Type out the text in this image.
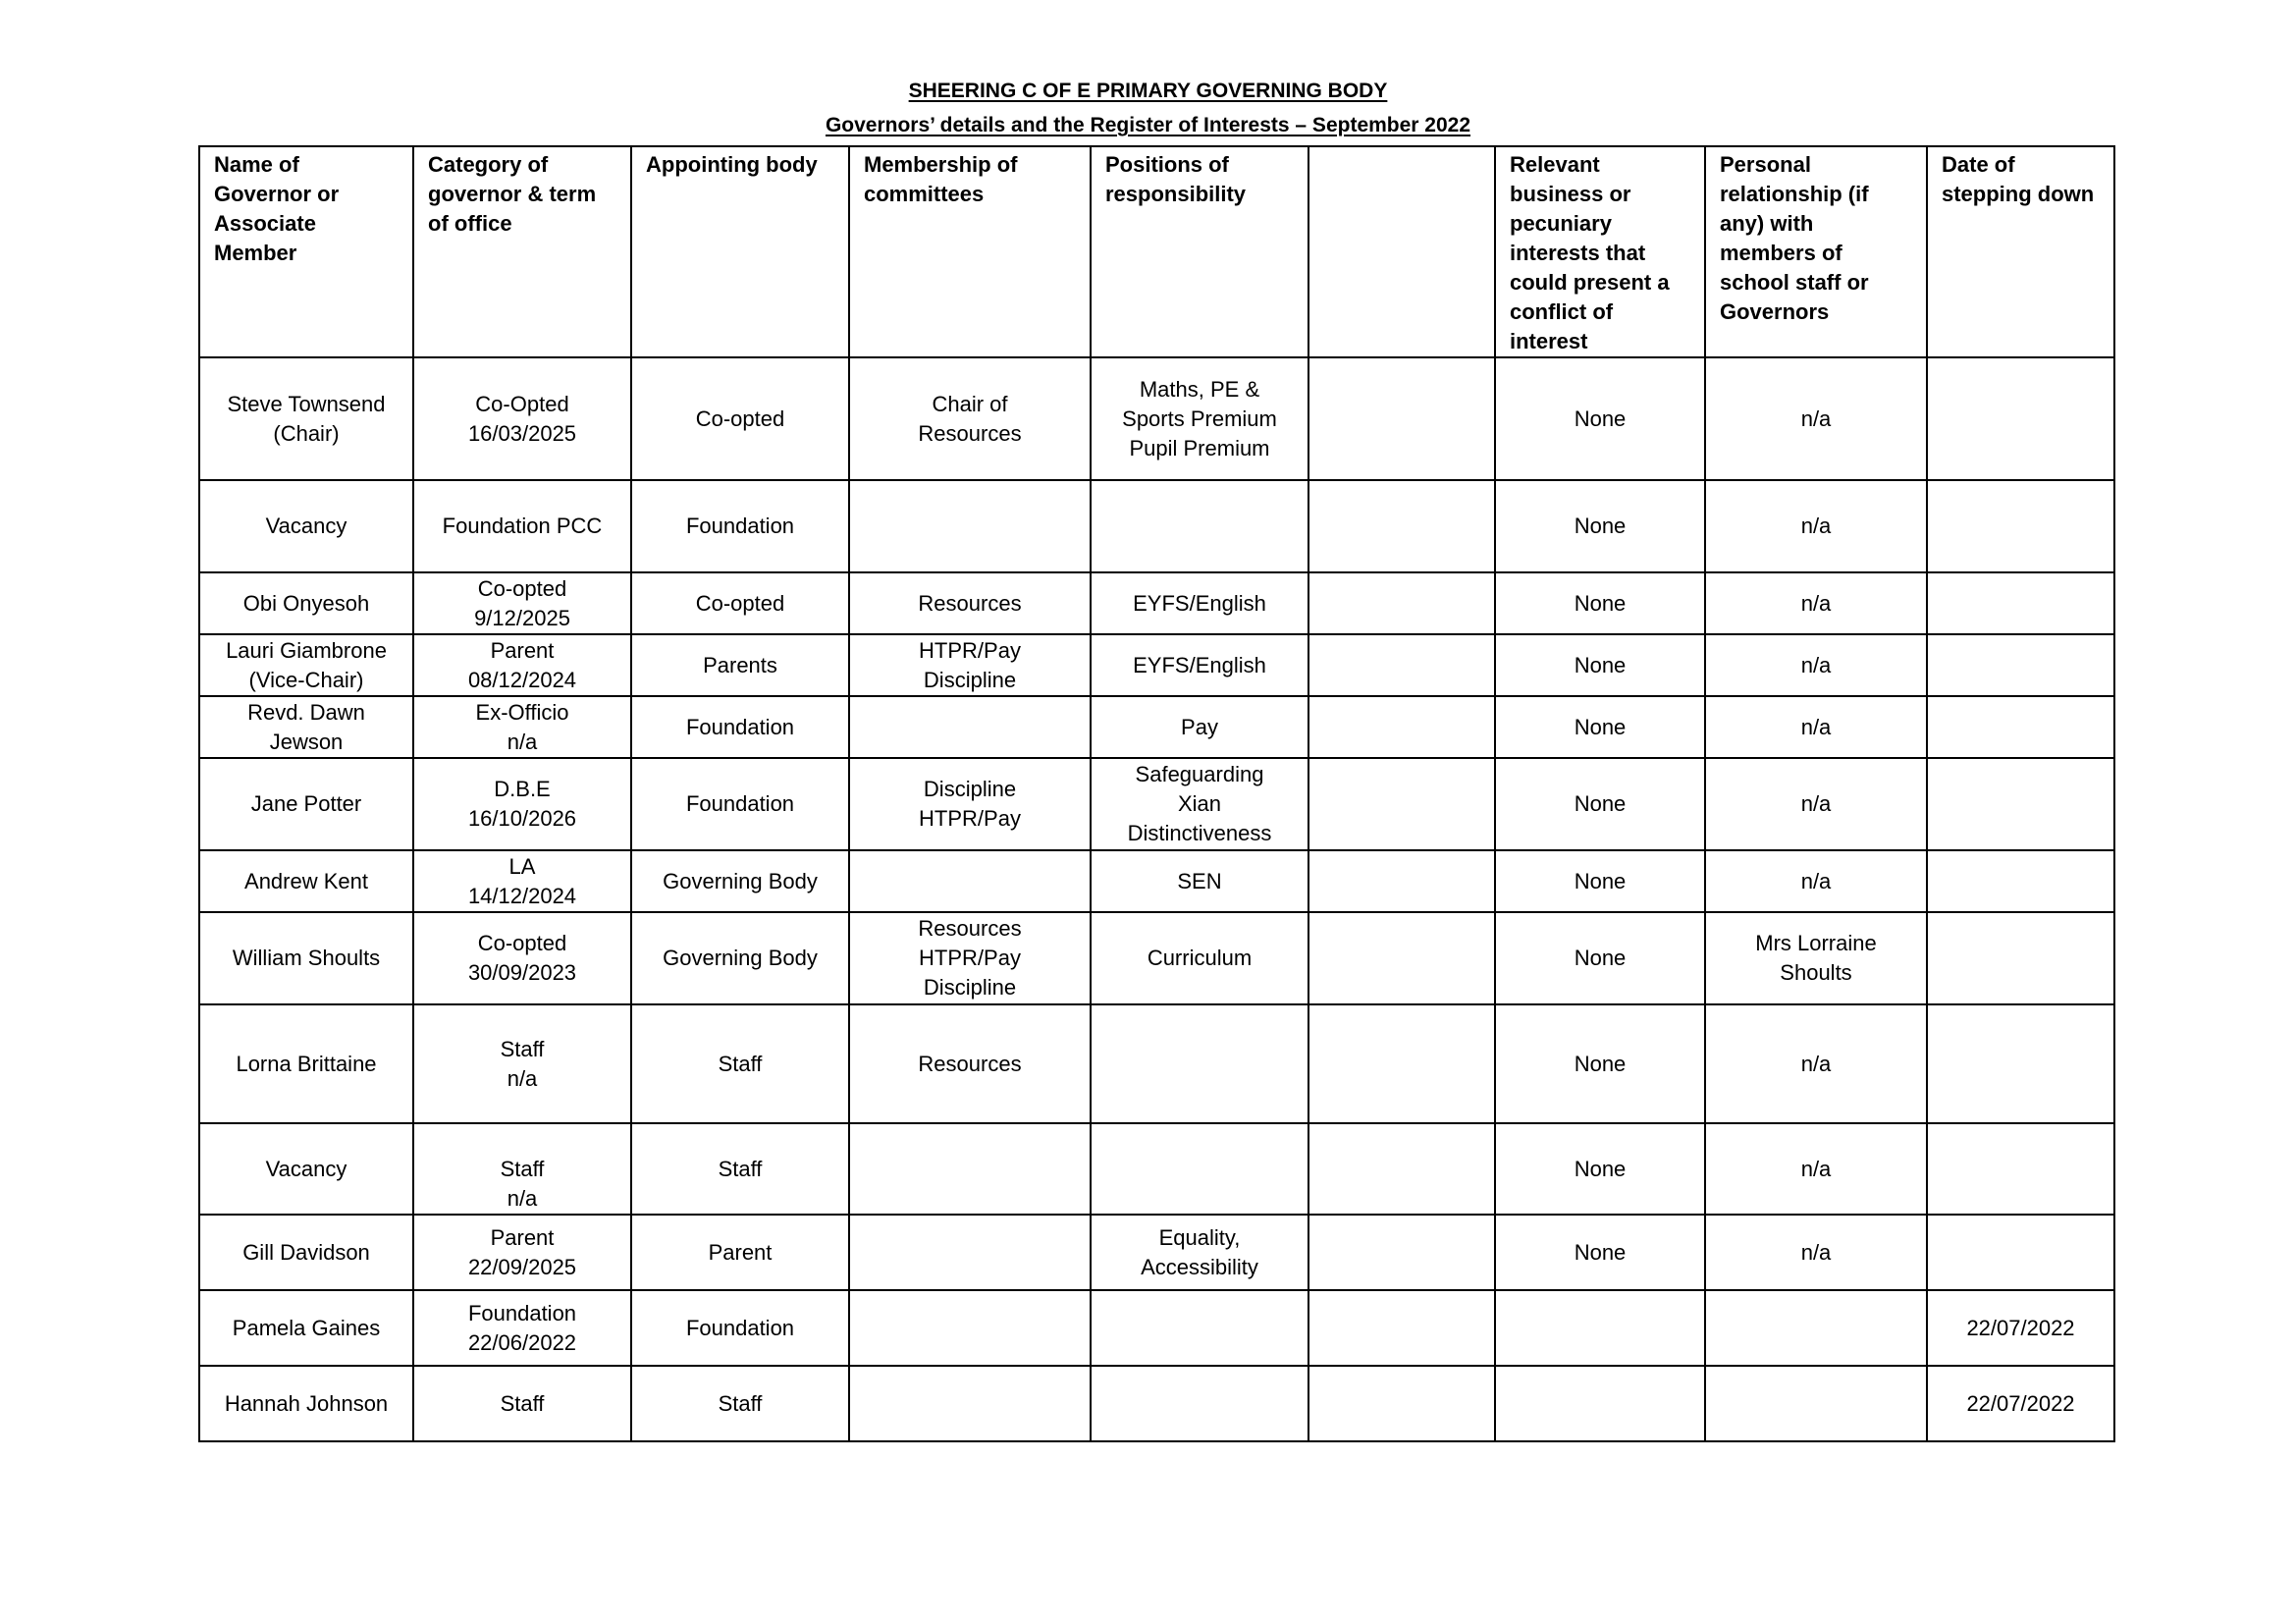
SHEERING C OF E PRIMARY GOVERNING BODY
Governors’ details and the Register of Interests – September 2022
Name of Governor or Associate Member	Category of governor & term of office	Appointing body	Membership of committees	Positions of responsibility		Relevant business or pecuniary interests that could present a conflict of interest	Personal relationship (if any) with members of school staff or Governors	Date of stepping down
Steve Townsend
(Chair)	Co-Opted
16/03/2025	Co-opted	Chair of
Resources	Maths, PE &
Sports Premium
Pupil Premium		None	n/a	
Vacancy	Foundation PCC	Foundation				None	n/a	
Obi Onyesoh	Co-opted
9/12/2025	Co-opted	Resources	EYFS/English		None	n/a	
Lauri Giambrone
(Vice-Chair)	Parent
08/12/2024	Parents	HTPR/Pay
Discipline	EYFS/English		None	n/a	
Revd. Dawn
Jewson	Ex-Officio
n/a	Foundation		Pay		None	n/a	
Jane Potter	D.B.E
16/10/2026	Foundation	Discipline
HTPR/Pay	Safeguarding
Xian
Distinctiveness		None	n/a	
Andrew Kent	LA
14/12/2024	Governing Body		SEN		None	n/a	
William Shoults	Co-opted
30/09/2023	Governing Body	Resources
HTPR/Pay
Discipline	Curriculum		None	Mrs Lorraine
Shoults	
Lorna Brittaine	Staff
n/a	Staff	Resources			None	n/a	
Vacancy	Staff
n/a	Staff				None	n/a	
Gill Davidson	Parent
22/09/2025	Parent		Equality,
Accessibility		None	n/a	
Pamela Gaines	Foundation
22/06/2022	Foundation						22/07/2022
Hannah Johnson	Staff	Staff						22/07/2022
